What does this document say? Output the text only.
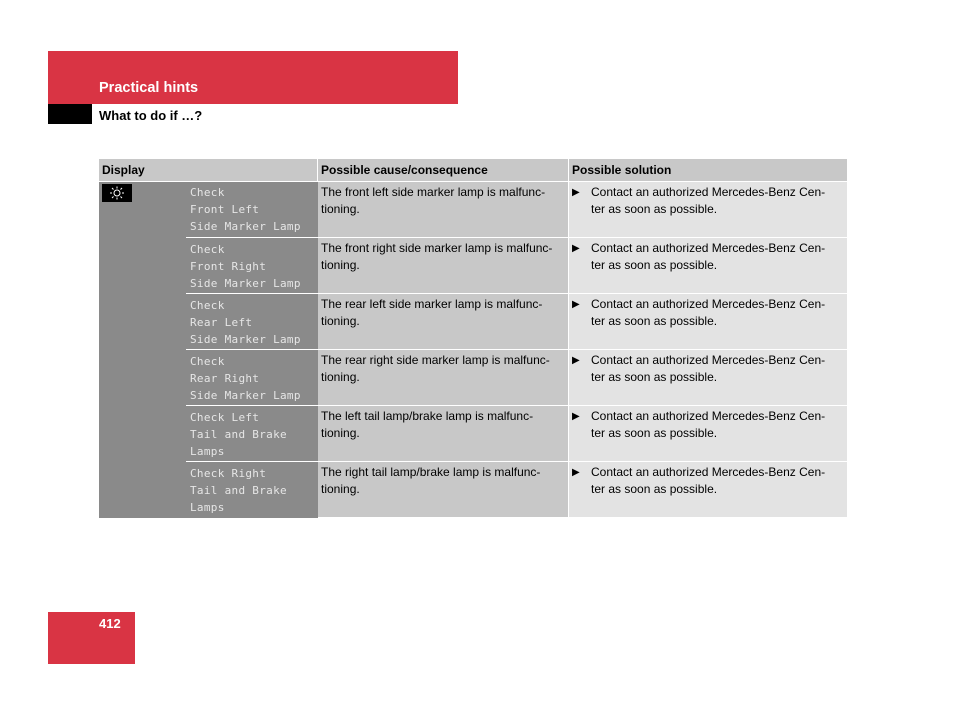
Practical hints
What to do if …?
Display	Possible cause/consequence	Possible solution
Check
Front Left
Side Marker Lamp
Check
Front Right
Side Marker Lamp
Check
Rear Left
Side Marker Lamp
Check
Rear Right
Side Marker Lamp
Check Left
Tail and Brake
Lamps
Check Right
Tail and Brake
Lamps
The front left side marker lamp is malfunc-
tioning.
▶ Contact an authorized Mercedes-Benz Cen-
ter as soon as possible.
The front right side marker lamp is malfunc-
tioning.
▶ Contact an authorized Mercedes-Benz Cen-
ter as soon as possible.
The rear left side marker lamp is malfunc-
tioning.
▶ Contact an authorized Mercedes-Benz Cen-
ter as soon as possible.
The rear right side marker lamp is malfunc-
tioning.
▶ Contact an authorized Mercedes-Benz Cen-
ter as soon as possible.
The left tail lamp/brake lamp is malfunc-
tioning.
▶ Contact an authorized Mercedes-Benz Cen-
ter as soon as possible.
The right tail lamp/brake lamp is malfunc-
tioning.
▶ Contact an authorized Mercedes-Benz Cen-
ter as soon as possible.
412
